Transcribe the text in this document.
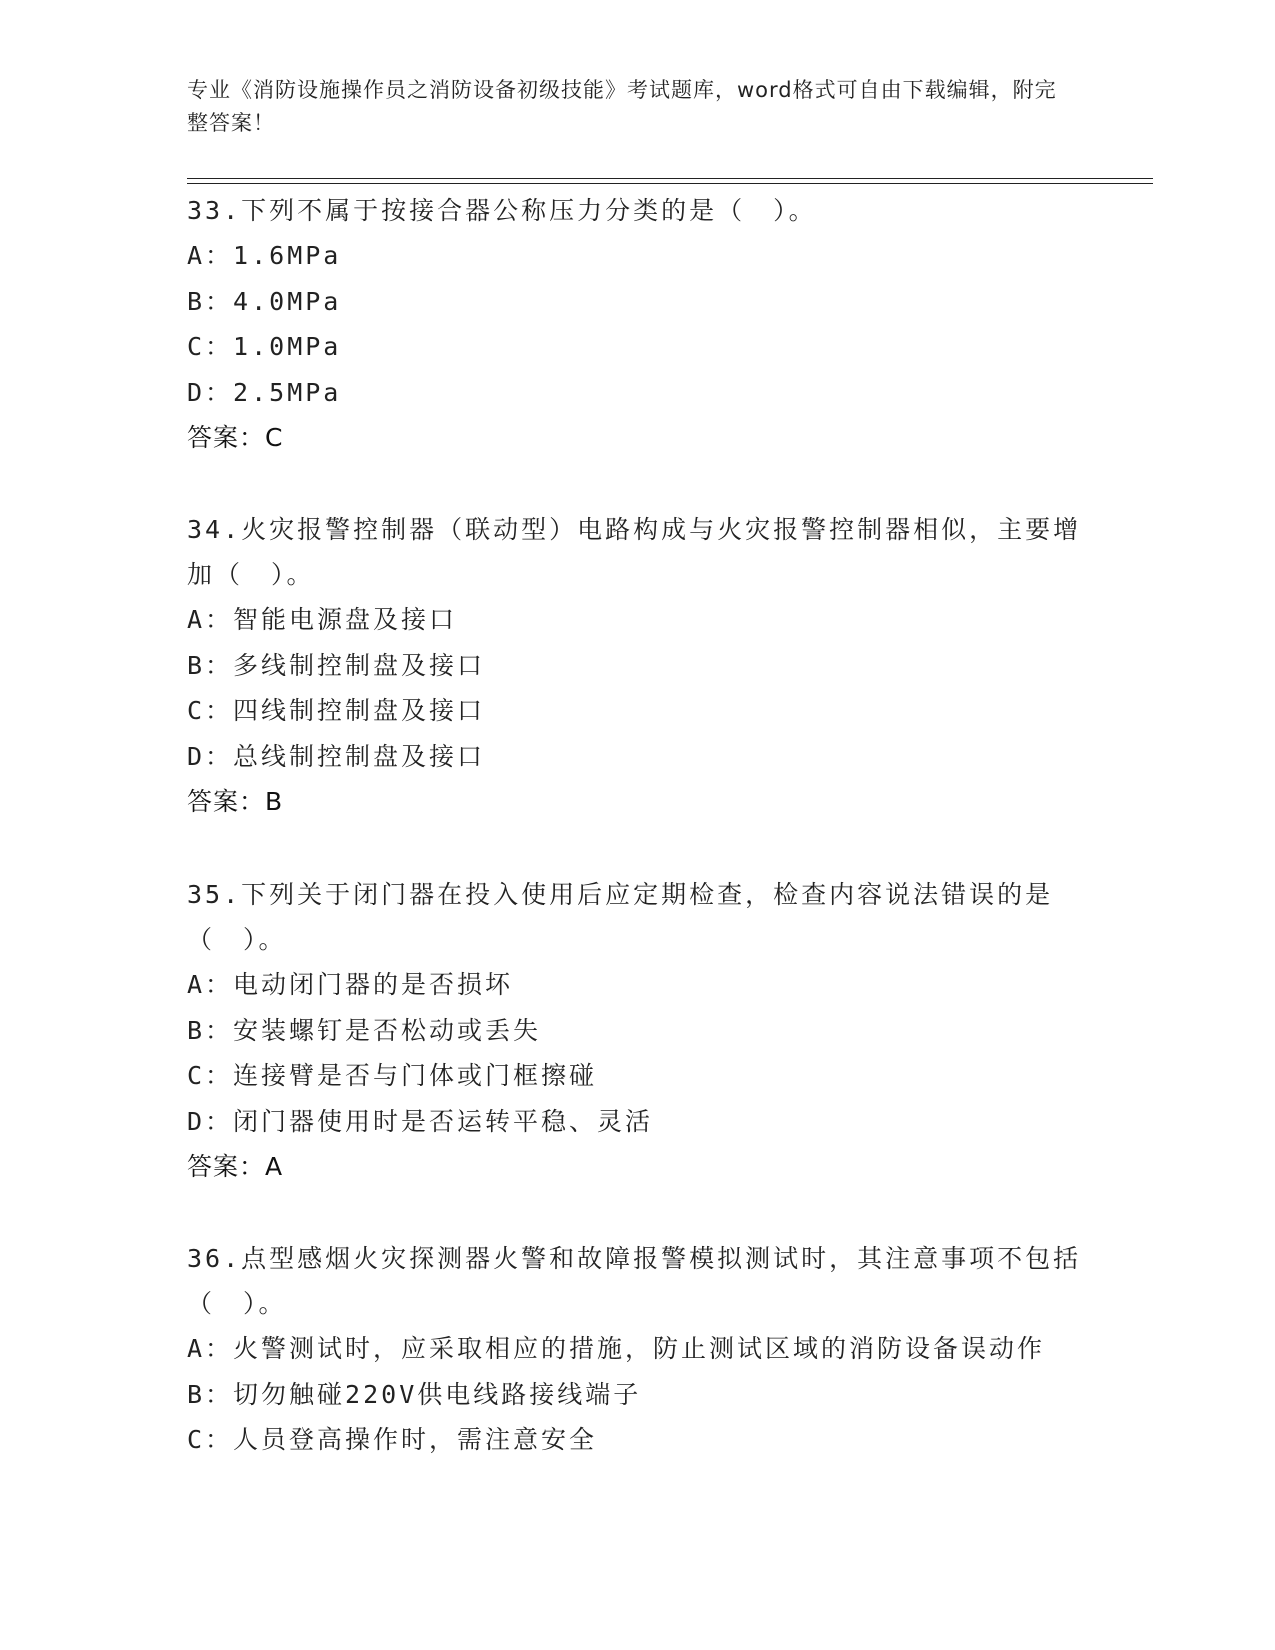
专业《消防设施操作员之消防设备初级技能》考试题库，word格式可自由下载编辑，附完整答案！

33.下列不属于按接合器公称压力分类的是（　）。

A：1.6MPa
B：4.0MPa
C：1.0MPa
D：2.5MPa
答案：C

34.火灾报警控制器（联动型）电路构成与火灾报警控制器相似，主要增加（　）。

A：智能电源盘及接口
B：多线制控制盘及接口
C：四线制控制盘及接口
D：总线制控制盘及接口
答案：B

35.下列关于闭门器在投入使用后应定期检查，检查内容说法错误的是（　）。

A：电动闭门器的是否损坏
B：安装螺钉是否松动或丢失
C：连接臂是否与门体或门框擦碰
D：闭门器使用时是否运转平稳、灵活
答案：A

36.点型感烟火灾探测器火警和故障报警模拟测试时，其注意事项不包括（　）。

A：火警测试时，应采取相应的措施，防止测试区域的消防设备误动作
B：切勿触碰220V供电线路接线端子
C：人员登高操作时，需注意安全
